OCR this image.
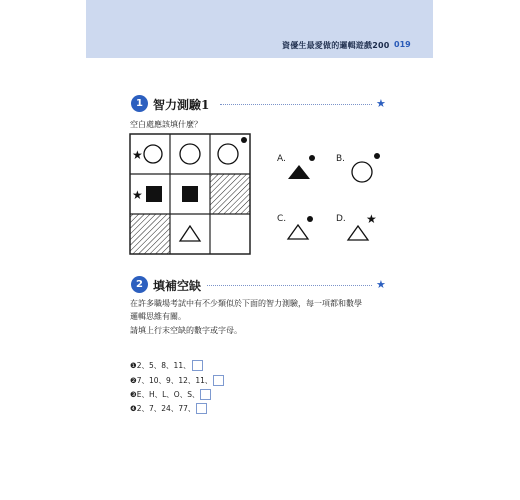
資優生最愛做的邏輯遊戲200 019
1 智力測驗1	★
空白處應該填什麼？
★
★
A.	B.
C.	D. ★
2 填補空缺	★
在許多職場考試中有不少類似於下面的智力測驗，每一項都和數學
邏輯思維有關。
請填上行末空缺的數字或字母。
❶ 2、5、8、11、
❷ 7、10、9、12、11、
❸ E、H、L、O、S、
❹ 2、7、24、77、
